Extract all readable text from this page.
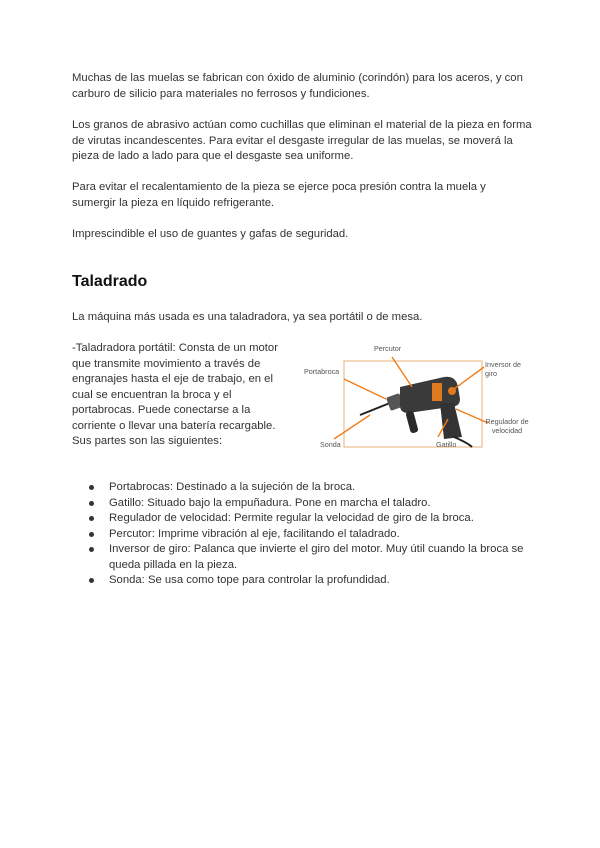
Muchas de las muelas se fabrican con óxido de aluminio (corindón) para los aceros, y con carburo de silicio para materiales no ferrosos y fundiciones.

Los granos de abrasivo actúan como cuchillas que eliminan el material de la pieza en forma de virutas incandescentes. Para evitar el desgaste irregular de las muelas, se moverá la pieza de lado a lado para que el desgaste sea uniforme.

Para evitar el recalentamiento de la pieza se ejerce poca presión contra la muela y sumergir la pieza en líquido refrigerante.

Imprescindible el uso de guantes y gafas de seguridad.

Taladrado

La máquina más usada es una taladradora, ya sea portátil o de mesa.

-Taladradora portátil: Consta de un motor que transmite movimiento a través de engranajes hasta el eje de trabajo, en el cual se encuentran la broca y el portabrocas. Puede conectarse a la corriente o llevar una batería recargable. Sus partes son las siguientes:

Percutor
Portabroca
Inversor de giro
Regulador de velocidad
Sonda	Gatillo
Portabrocas: Destinado a la sujeción de la broca.
Gatillo: Situado bajo la empuñadura. Pone en marcha el taladro.
Regulador de velocidad: Permite regular la velocidad de giro de la broca.
Percutor: Imprime vibración al eje, facilitando el taladrado.
Inversor de giro: Palanca que invierte el giro del motor. Muy útil cuando la broca se queda pillada en la pieza.
Sonda: Se usa como tope para controlar la profundidad.
